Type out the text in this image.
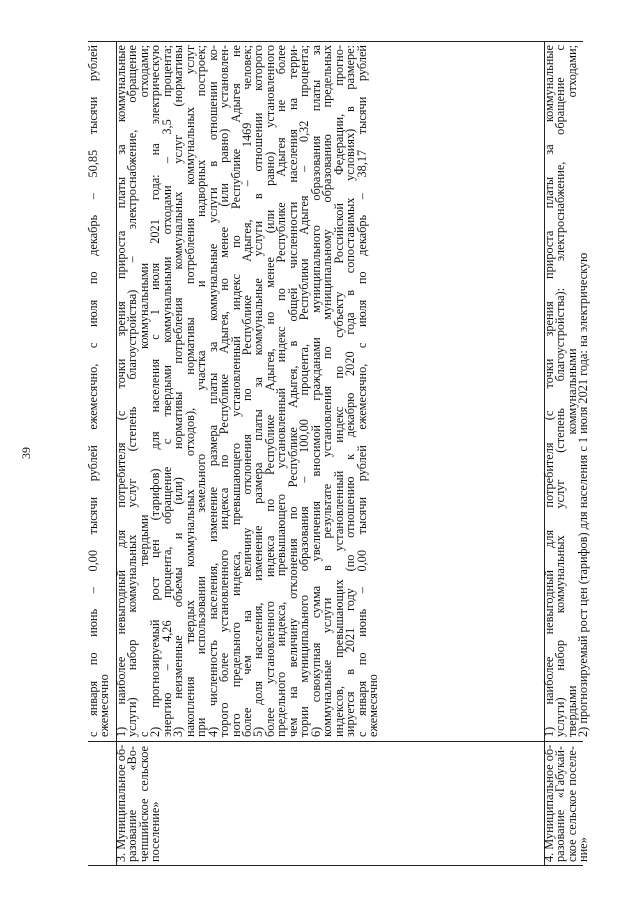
39	с января по июнь – 0,00 тысячи рублей ежемесячно, с июля по декабрь – 50,85 тысячи рублей
ежемесячно
3. Муниципальное об-
разование «Во-
чепшийское сельское
поселение»
1) наиболее невыгодный для потребителя (с точки зрения прироста платы за коммунальные
услуги) набор коммунальных услуг (степень благоустройства) – электроснабжение, обращение
с твердыми коммунальными отходами;
2) прогнозируемый рост цен (тарифов) для населения с 1 июля 2021 года: на электрическую
энергию – 4,26 процента, обращение с твердыми коммунальными отходами – 3,5 процента;
3) неизменные объемы и (или) нормативы потребления коммунальных услуг (нормативы
накопления твердых коммунальных отходов), нормативы потребления коммунальных услуг
при использовании земельного участка и надворных построек;
4) численность населения, изменение размера платы за коммунальные услуги в отношении ко-
торого более установленного индекса по Республике Адыгея, но менее (или равно) установлен-
ного предельного индекса, превышающего установленный индекс по Республике Адыгея не
более чем на величину отклонения по Республике Адыгея, – 1469 человек;
5) доля населения, изменение размера платы за коммунальные услуги в отношении которого
более установленного индекса по Республике Адыгея, но менее (или равно) установленного
предельного индекса, превышающего установленный индекс по Республике Адыгея не более
чем на величину отклонения по Республике Адыгея, в общей численности населения на терри-
тории муниципального образования – 100,00 процента, Республики Адыгея – 0,32 процента;
6) совокупная сумма увеличения вносимой гражданами муниципального образования платы за
коммунальные услуги в результате установления по муниципальному образованию предельных
индексов, превышающих установленный индекс по субъекту Российской Федерации, прогно-
зируется в 2021 году (по отношению к декабрю 2020 года в сопоставимых условиях) в размере:
с января по июнь – 0,00 тысячи рублей ежемесячно, с июля по декабрь – 38,17 тысячи рублей
ежемесячно
4. Муниципальное об-
разование «Габукай-
ское сельское поселе-
ние»
1) наиболее невыгодный для потребителя (с точки зрения прироста платы за коммунальные
услуги) набор коммунальных услуг (степень благоустройства): электроснабжение, обращение с
твердыми коммунальными отходами;
2) прогнозируемый рост цен (тарифов) для населения с 1 июля 2021 года: на электрическую
